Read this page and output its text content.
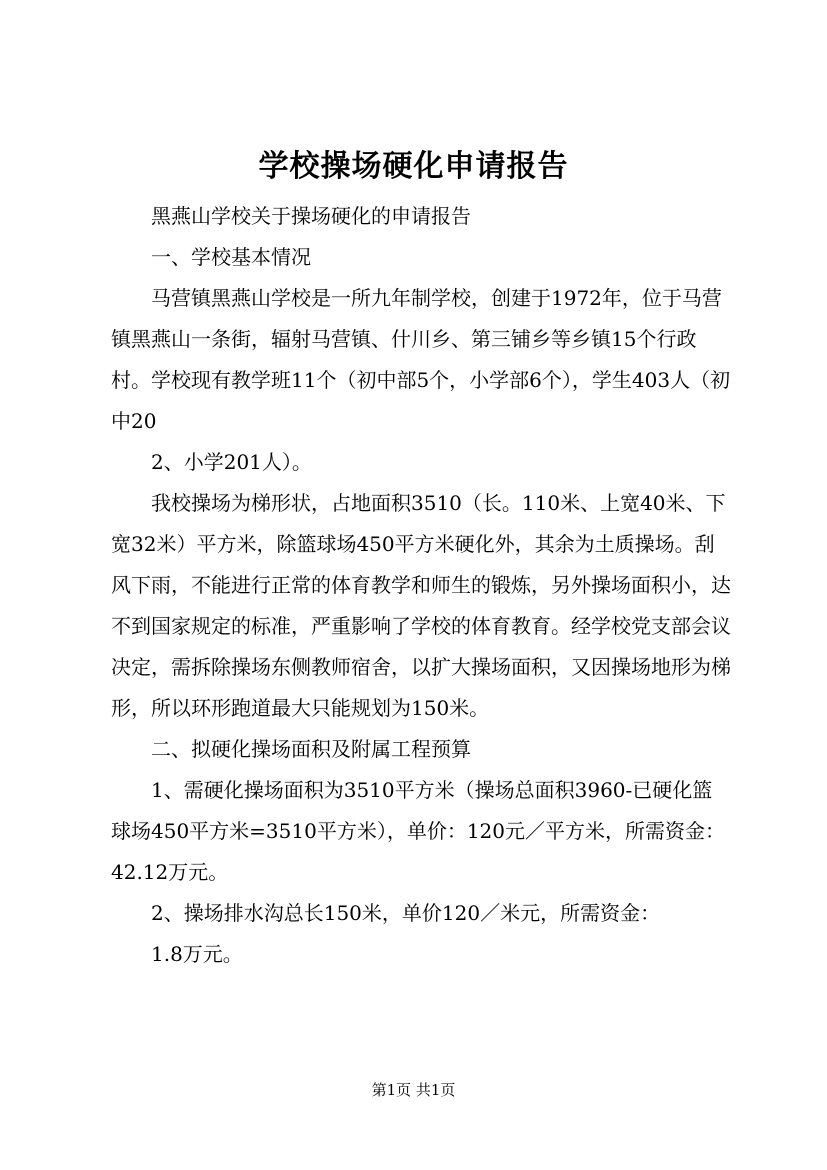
学校操场硬化申请报告

黑燕山学校关于操场硬化的申请报告

一、学校基本情况

马营镇黑燕山学校是一所九年制学校，创建于1972年，位于马营镇黑燕山一条街，辐射马营镇、什川乡、第三铺乡等乡镇15个行政村。学校现有教学班11个（初中部5个，小学部6个），学生403人（初中20

2、小学201人）。

我校操场为梯形状，占地面积3510（长。110米、上宽40米、下宽32米）平方米，除篮球场450平方米硬化外，其余为土质操场。刮风下雨，不能进行正常的体育教学和师生的锻炼，另外操场面积小，达不到国家规定的标准，严重影响了学校的体育教育。经学校党支部会议决定，需拆除操场东侧教师宿舍，以扩大操场面积，又因操场地形为梯形，所以环形跑道最大只能规划为150米。

二、拟硬化操场面积及附属工程预算

1、需硬化操场面积为3510平方米（操场总面积3960-已硬化篮球场450平方米=3510平方米），单价：120元／平方米，所需资金：42.12万元。

2、操场排水沟总长150米，单价120／米元，所需资金：

1.8万元。

第1页 共1页
